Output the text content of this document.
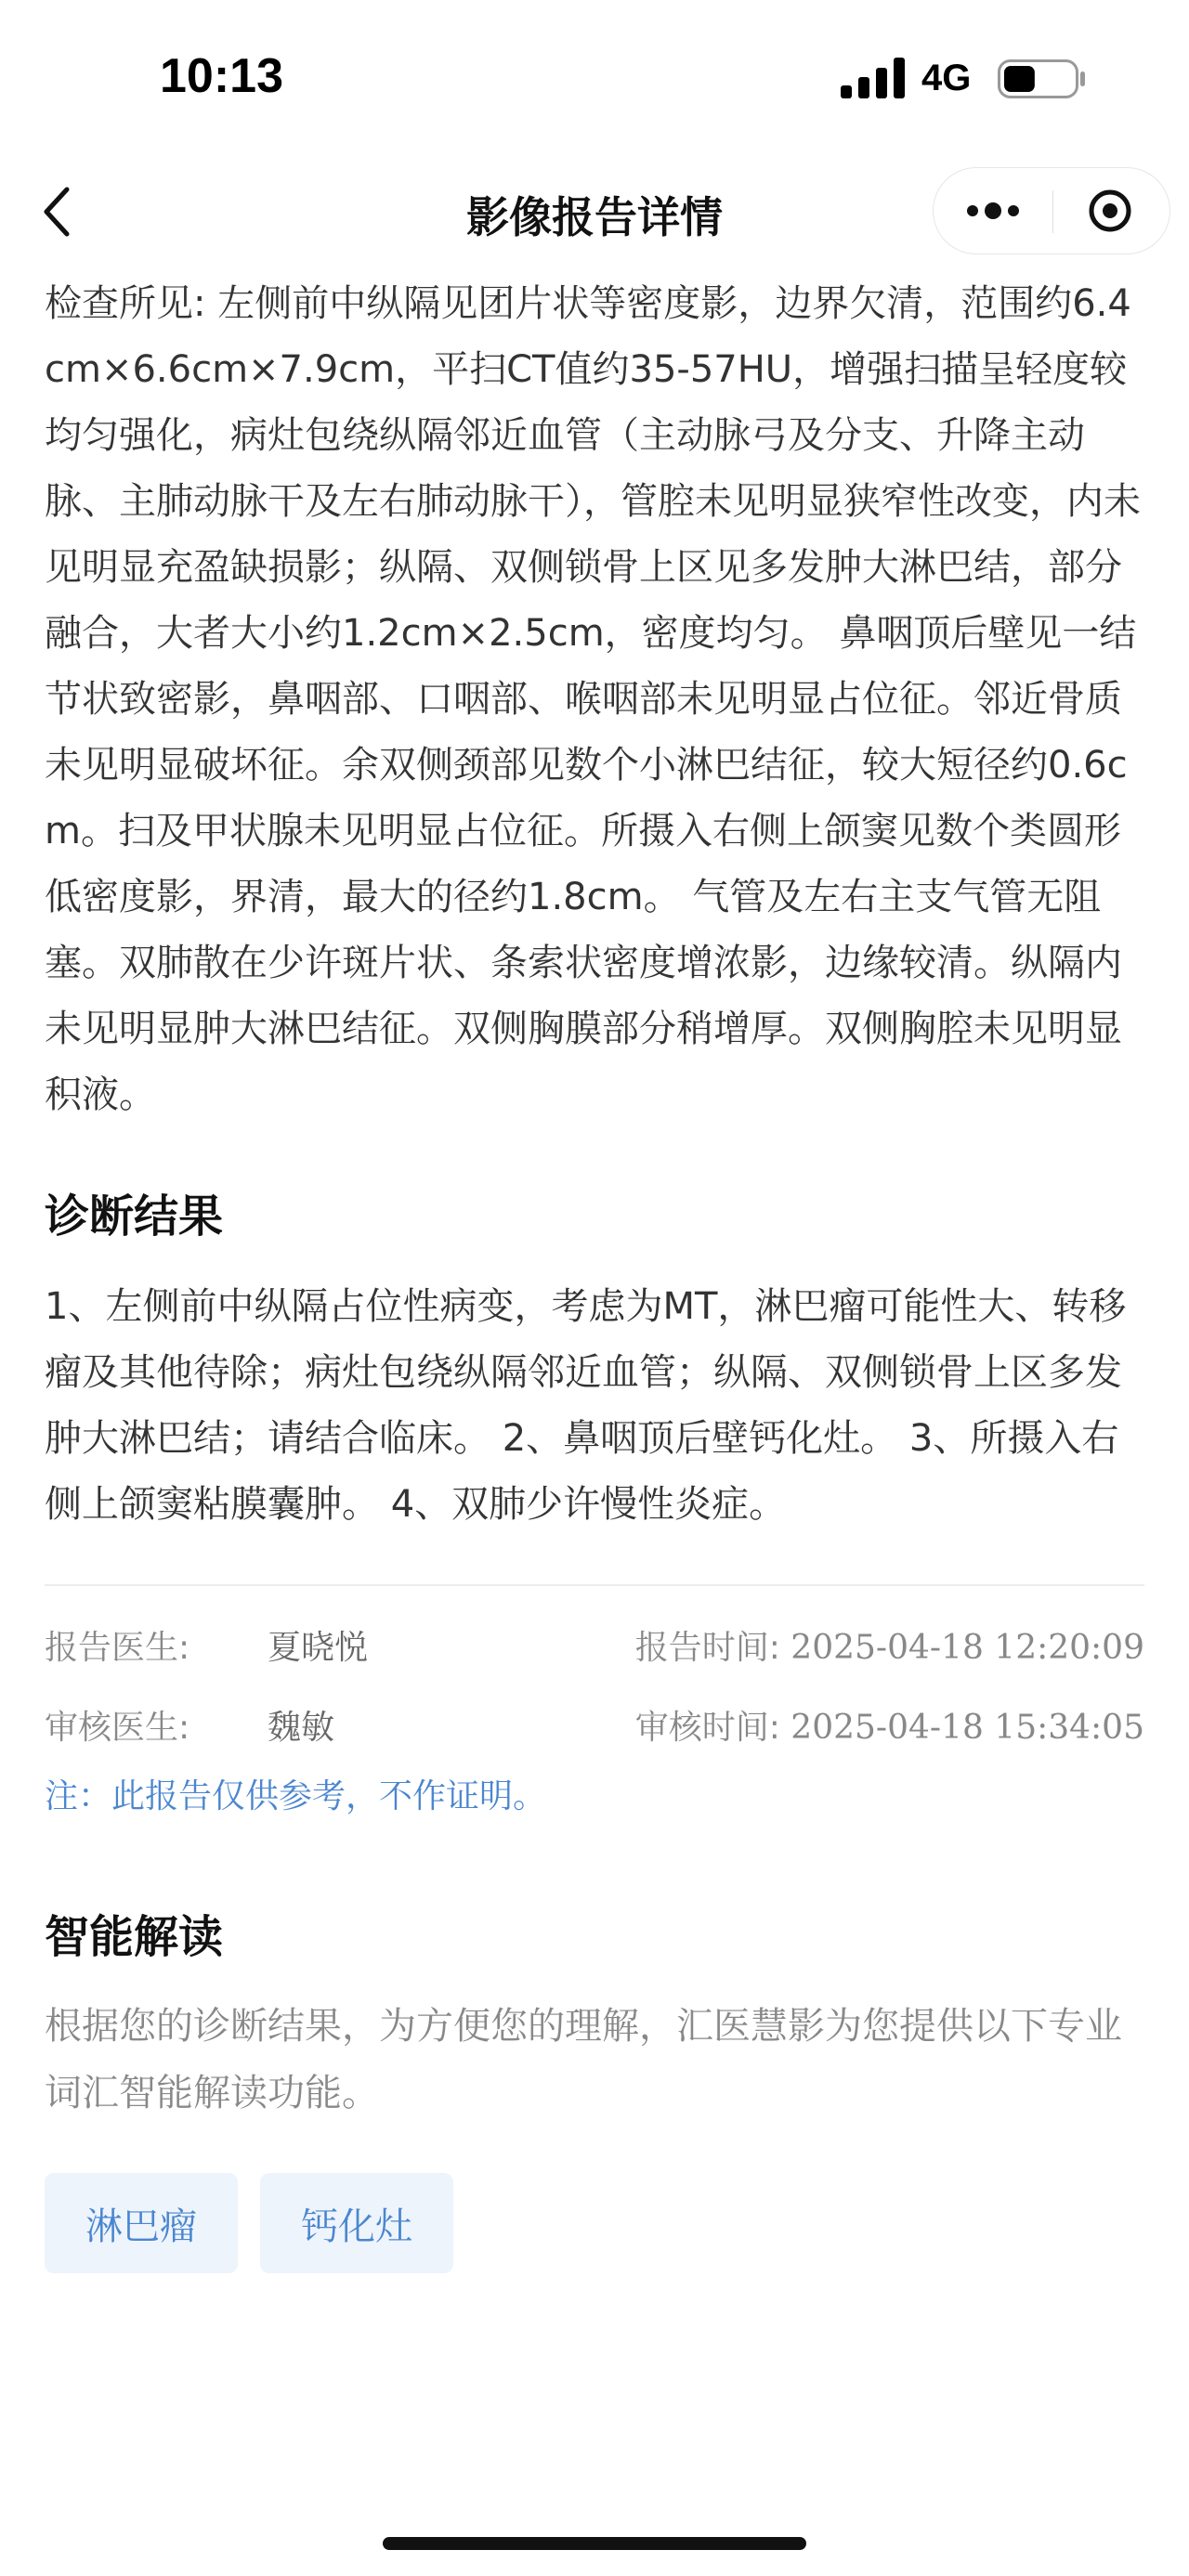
10:13	4G
影像报告详情

检查所见: 左侧前中纵隔见团片状等密度影，边界欠清，范围约6.4cm×6.6cm×7.9cm，平扫CT值约35-57HU，增强扫描呈轻度较均匀强化，病灶包绕纵隔邻近血管（主动脉弓及分支、升降主动脉、主肺动脉干及左右肺动脉干），管腔未见明显狭窄性改变，内未见明显充盈缺损影；纵隔、双侧锁骨上区见多发肿大淋巴结，部分融合，大者大小约1.2cm×2.5cm，密度均匀。 鼻咽顶后壁见一结节状致密影，鼻咽部、口咽部、喉咽部未见明显占位征。邻近骨质未见明显破坏征。余双侧颈部见数个小淋巴结征，较大短径约0.6cm。扫及甲状腺未见明显占位征。所摄入右侧上颌窦见数个类圆形低密度影，界清，最大的径约1.8cm。 气管及左右主支气管无阻塞。双肺散在少许斑片状、条索状密度增浓影，边缘较清。纵隔内未见明显肿大淋巴结征。双侧胸膜部分稍增厚。双侧胸腔未见明显积液。

诊断结果

1、左侧前中纵隔占位性病变，考虑为MT，淋巴瘤可能性大、转移瘤及其他待除；病灶包绕纵隔邻近血管；纵隔、双侧锁骨上区多发肿大淋巴结；请结合临床。 2、鼻咽顶后壁钙化灶。 3、所摄入右侧上颌窦粘膜囊肿。 4、双肺少许慢性炎症。

报告医生: 夏晓悦	报告时间: 2025-04-18 12:20:09
审核医生: 魏敏	审核时间: 2025-04-18 15:34:05
注：此报告仅供参考，不作证明。
智能解读
根据您的诊断结果，为方便您的理解，汇医慧影为您提供以下专业词汇智能解读功能。
淋巴瘤	钙化灶
